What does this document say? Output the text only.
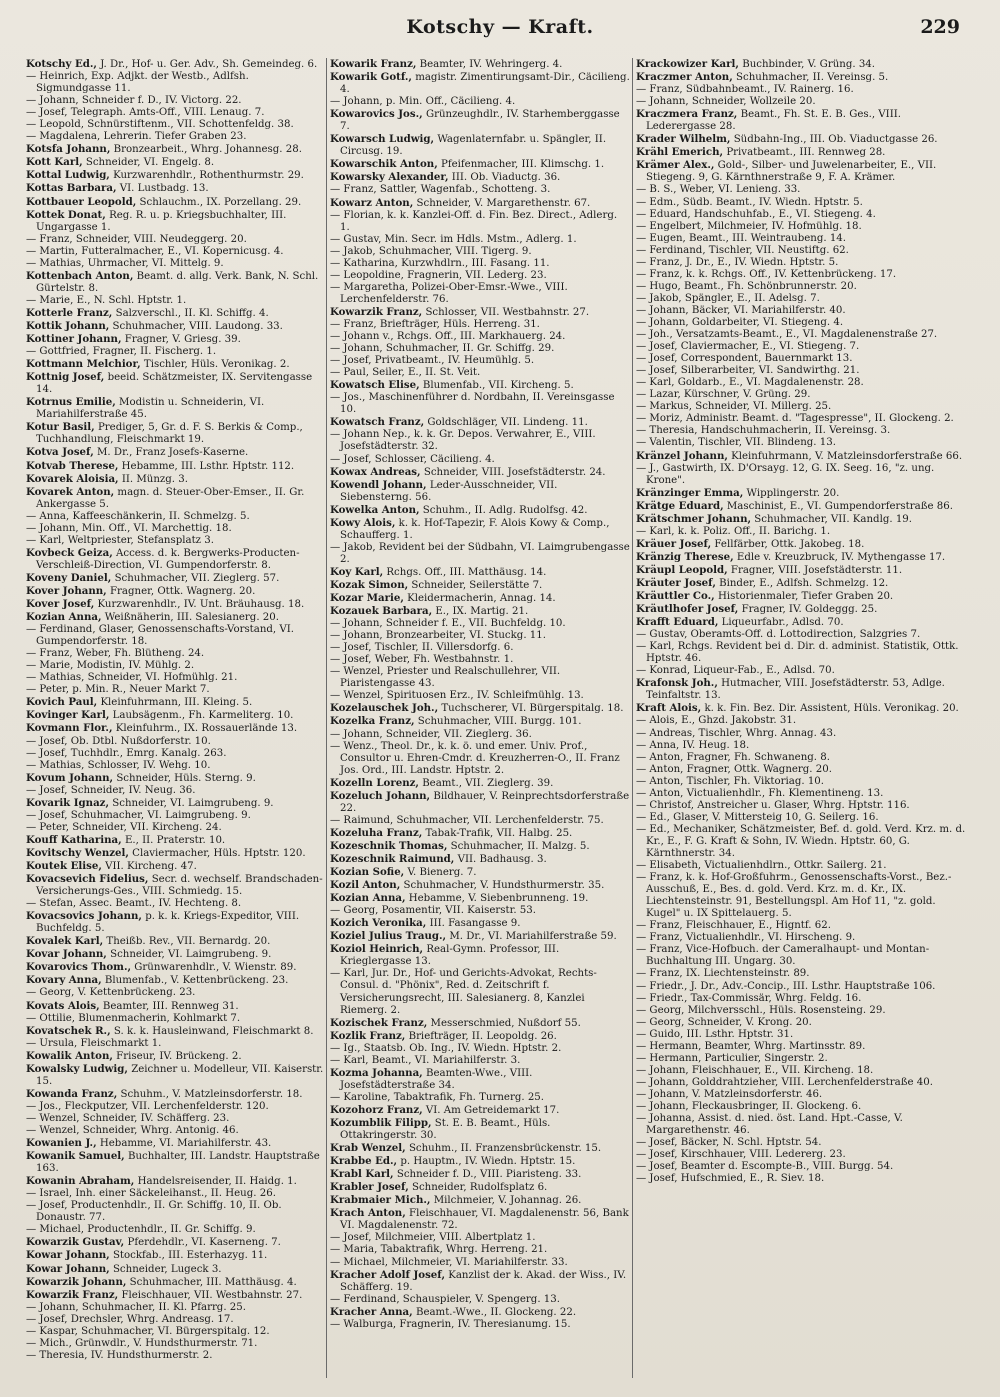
Kotschy — Kraft.	229

Kotschy Ed., J. Dr., Hof- u. Ger. Adv., Sh. Gemeindeg. 6.

— Heinrich, Exp. Adjkt. der Westb., Adlfsh. Sigmundgasse 11.

— Johann, Schneider f. D., IV. Victorg. 22.

— Josef, Telegraph. Amts-Off., VIII. Lenaug. 7.

— Leopold, Schnürstiftenm., VII. Schottenfeldg. 38.

— Magdalena, Lehrerin. Tiefer Graben 23.

Kotsfa Johann, Bronzearbeit., Whrg. Johannesg. 28.

Kott Karl, Schneider, VI. Engelg. 8.

Kottal Ludwig, Kurzwarenhdlr., Rothenthurmstr. 29.

Kottas Barbara, VI. Lustbadg. 13.

Kottbauer Leopold, Schlauchm., IX. Porzellang. 29.

Kottek Donat, Reg. R. u. p. Kriegsbuchhalter, III. Ungargasse 1.

— Franz, Schneider, VIII. Neudeggerg. 20.

— Martin, Futteralmacher, E., VI. Kopernicusg. 4.

— Mathias, Uhrmacher, VI. Mittelg. 9.

Kottenbach Anton, Beamt. d. allg. Verk. Bank, N. Schl. Gürtelstr. 8.

— Marie, E., N. Schl. Hptstr. 1.

Kotterle Franz, Salzverschl., II. Kl. Schiffg. 4.

Kottik Johann, Schuhmacher, VIII. Laudong. 33.

Kottiner Johann, Fragner, V. Griesg. 39.

— Gottfried, Fragner, II. Fischerg. 1.

Kottmann Melchior, Tischler, Hüls. Veronikag. 2.

Kottnig Josef, beeid. Schätzmeister, IX. Servitengasse 14.

Kotrnus Emilie, Modistin u. Schneiderin, VI. Mariahilferstraße 45.

Kotur Basil, Prediger, 5, Gr. d. F. S. Berkis & Comp., Tuchhandlung, Fleischmarkt 19.

Kotva Josef, M. Dr., Franz Josefs-Kaserne.

Kotvab Therese, Hebamme, III. Lsthr. Hptstr. 112.

Kovarek Aloisia, II. Münzg. 3.

Kovarek Anton, magn. d. Steuer-Ober-Emser., II. Gr. Ankergasse 5.

— Anna, Kaffeeschänkerin, II. Schmelzg. 5.

— Johann, Min. Off., VI. Marchettig. 18.

— Karl, Weltpriester, Stefansplatz 3.

Kovbeck Geiza, Access. d. k. Bergwerks-Producten-Verschleiß-Direction, VI. Gumpendorferstr. 8.

Koveny Daniel, Schuhmacher, VII. Zieglerg. 57.

Kover Johann, Fragner, Ottk. Wagnerg. 20.

Kover Josef, Kurzwarenhdlr., IV. Unt. Bräuhausg. 18.

Kozian Anna, Weißnäherin, III. Salesianerg. 20.

— Ferdinand, Glaser, Genossenschafts-Vorstand, VI. Gumpendorferstr. 18.

— Franz, Weber, Fh. Blütheng. 24.

— Marie, Modistin, IV. Mühlg. 2.

— Mathias, Schneider, VI. Hofmühlg. 21.

— Peter, p. Min. R., Neuer Markt 7.

Kovich Paul, Kleinfuhrmann, III. Kleing. 5.

Kovinger Karl, Laubsägenm., Fh. Karmeliterg. 10.

Kovmann Flor., Kleinfuhrm., IX. Rossauerlände 13.

— Josef, Ob. Dtbl. Nußdorferstr. 10.

— Josef, Tuchhdlr., Emrg. Kanalg. 263.

— Mathias, Schlosser, IV. Wehg. 10.

Kovum Johann, Schneider, Hüls. Sterng. 9.

— Josef, Schneider, IV. Neug. 36.

Kovarik Ignaz, Schneider, VI. Laimgrubeng. 9.

— Josef, Schuhmacher, VI. Laimgrubeng. 9.

— Peter, Schneider, VII. Kircheng. 24.

Kouff Katharina, E., II. Praterstr. 10.

Kovitschy Wenzel, Claviermacher, Hüls. Hptstr. 120.

Koutek Elise, VII. Kircheng. 47.

Kovacsevich Fidelius, Secr. d. wechself. Brandschaden-Versicherungs-Ges., VIII. Schmiedg. 15.

— Stefan, Assec. Beamt., IV. Hechteng. 8.

Kovacsovics Johann, p. k. k. Kriegs-Expeditor, VIII. Buchfeldg. 5.

Kovalek Karl, Theißb. Rev., VII. Bernardg. 20.

Kovar Johann, Schneider, VI. Laimgrubeng. 9.

Kovarovics Thom., Grünwarenhdlr., V. Wienstr. 89.

Kovary Anna, Blumenfab., V. Kettenbrückeng. 23.

— Georg, V. Kettenbrückeng. 23.

Kovats Alois, Beamter, III. Rennweg 31.

— Ottilie, Blumenmacherin, Kohlmarkt 7.

Kovatschek R., S. k. k. Hausleinwand, Fleischmarkt 8.

— Ursula, Fleischmarkt 1.

Kowalik Anton, Friseur, IV. Brückeng. 2.

Kowalsky Ludwig, Zeichner u. Modelleur, VII. Kaiserstr. 15.

Kowanda Franz, Schuhm., V. Matzleinsdorferstr. 18.

— Jos., Fleckputzer, VII. Lerchenfelderstr. 120.

— Wenzel, Schneider, IV. Schäfferg. 23.

— Wenzel, Schneider, Whrg. Antonig. 46.

Kowanien J., Hebamme, VI. Mariahilferstr. 43.

Kowanik Samuel, Buchhalter, III. Landstr. Hauptstraße 163.

Kowanin Abraham, Handelsreisender, II. Haidg. 1.

— Israel, Inh. einer Säckeleihanst., II. Heug. 26.

— Josef, Productenhdlr., II. Gr. Schiffg. 10, II. Ob. Donaustr. 77.

— Michael, Productenhdlr., II. Gr. Schiffg. 9.

Kowarzik Gustav, Pferdehdlr., VI. Kaserneng. 7.

Kowar Johann, Stockfab., III. Esterhazyg. 11.

Kowar Johann, Schneider, Lugeck 3.

Kowarzik Johann, Schuhmacher, III. Matthäusg. 4.

Kowarzik Franz, Fleischhauer, VII. Westbahnstr. 27.

— Johann, Schuhmacher, II. Kl. Pfarrg. 25.

— Josef, Drechsler, Whrg. Andreasg. 17.

— Kaspar, Schuhmacher, VI. Bürgerspitalg. 12.

— Mich., Grünwdlr., V. Hundsthurmerstr. 71.

— Theresia, IV. Hundsthurmerstr. 2.

Kowarik Franz, Beamter, IV. Wehringerg. 4.

Kowarik Gotf., magistr. Zimentirungsamt-Dir., Cäcilieng. 4.

— Johann, p. Min. Off., Cäcilieng. 4.

Kowarovics Jos., Grünzeughdlr., IV. Starhemberggasse 7.

Kowarsch Ludwig, Wagenlaternfabr. u. Spängler, II. Circusg. 19.

Kowarschik Anton, Pfeifenmacher, III. Klimschg. 1.

Kowarsky Alexander, III. Ob. Viaductg. 36.

— Franz, Sattler, Wagenfab., Schotteng. 3.

Kowarz Anton, Schneider, V. Margarethenstr. 67.

— Florian, k. k. Kanzlei-Off. d. Fin. Bez. Direct., Adlerg. 1.

— Gustav, Min. Secr. im Hdls. Mstm., Adlerg. 1.

— Jakob, Schuhmacher, VIII. Tigerg. 9.

— Katharina, Kurzwhdlrn., III. Fasang. 11.

— Leopoldine, Fragnerin, VII. Lederg. 23.

— Margaretha, Polizei-Ober-Emsr.-Wwe., VIII. Lerchenfelderstr. 76.

Kowarzik Franz, Schlosser, VII. Westbahnstr. 27.

— Franz, Briefträger, Hüls. Herreng. 31.

— Johann v., Rchgs. Off., III. Markhauerg. 24.

— Johann, Schuhmacher, II. Gr. Schiffg. 29.

— Josef, Privatbeamt., IV. Heumühlg. 5.

— Paul, Seiler, E., II. St. Veit.

Kowatsch Elise, Blumenfab., VII. Kircheng. 5.

— Jos., Maschinenführer d. Nordbahn, II. Vereinsgasse 10.

Kowatsch Franz, Goldschläger, VII. Lindeng. 11.

— Johann Nep., k. k. Gr. Depos. Verwahrer, E., VIII. Josefstädterstr. 32.

— Josef, Schlosser, Cäcilieng. 4.

Kowax Andreas, Schneider, VIII. Josefstädterstr. 24.

Kowendl Johann, Leder-Ausschneider, VII. Siebensterng. 56.

Kowelka Anton, Schuhm., II. Adlg. Rudolfsg. 42.

Kowy Alois, k. k. Hof-Tapezir, F. Alois Kowy & Comp., Schaufferg. 1.

— Jakob, Revident bei der Südbahn, VI. Laimgrubengasse 2.

Koy Karl, Rchgs. Off., III. Matthäusg. 14.

Kozak Simon, Schneider, Seilerstätte 7.

Kozar Marie, Kleidermacherin, Annag. 14.

Kozauek Barbara, E., IX. Martig. 21.

— Johann, Schneider f. E., VII. Buchfeldg. 10.

— Johann, Bronzearbeiter, VI. Stuckg. 11.

— Josef, Tischler, II. Villersdorfg. 6.

— Josef, Weber, Fh. Westbahnstr. 1.

— Wenzel, Priester und Realschullehrer, VII. Piaristengasse 43.

— Wenzel, Spirituosen Erz., IV. Schleifmühlg. 13.

Kozelauschek Joh., Tuchscherer, VI. Bürgerspitalg. 18.

Kozelka Franz, Schuhmacher, VIII. Burgg. 101.

— Johann, Schneider, VII. Zieglerg. 36.

— Wenz., Theol. Dr., k. k. ö. und emer. Univ. Prof., Consultor u. Ehren-Cmdr. d. Kreuzherren-O., II. Franz Jos. Ord., III. Landstr. Hptstr. 2.

Kozelln Lorenz, Beamt., VII. Zieglerg. 39.

Kozeluch Johann, Bildhauer, V. Reinprechtsdorferstraße 22.

— Raimund, Schuhmacher, VII. Lerchenfelderstr. 75.

Kozeluha Franz, Tabak-Trafik, VII. Halbg. 25.

Kozeschnik Thomas, Schuhmacher, II. Malzg. 5.

Kozeschnik Raimund, VII. Badhausg. 3.

Kozian Sofie, V. Bienerg. 7.

Kozil Anton, Schuhmacher, V. Hundsthurmerstr. 35.

Kozian Anna, Hebamme, V. Siebenbrunneng. 19.

— Georg, Posamentir, VII. Kaiserstr. 53.

Kozich Veronika, III. Fasangasse 9.

Koziel Julius Traug., M. Dr., VI. Mariahilferstraße 59.

Koziol Heinrich, Real-Gymn. Professor, III. Krieglergasse 13.

— Karl, Jur. Dr., Hof- und Gerichts-Advokat, Rechts-Consul. d. "Phönix", Red. d. Zeitschrift f. Versicherungsrecht, III. Salesianerg. 8, Kanzlei Riemerg. 2.

Kozischek Franz, Messerschmied, Nußdorf 55.

Kozlik Franz, Briefträger, II. Leopoldg. 26.

— Ig., Staatsb. Ob. Ing., IV. Wiedn. Hptstr. 2.

— Karl, Beamt., VI. Mariahilferstr. 3.

Kozma Johanna, Beamten-Wwe., VIII. Josefstädterstraße 34.

— Karoline, Tabaktrafik, Fh. Turnerg. 25.

Kozohorz Franz, VI. Am Getreidemarkt 17.

Kozumblik Filipp, St. E. B. Beamt., Hüls. Ottakringerstr. 30.

Krab Wenzel, Schuhm., II. Franzensbrückenstr. 15.

Krabbe Ed., p. Hauptm., IV. Wiedn. Hptstr. 15.

Krabl Karl, Schneider f. D., VIII. Piaristeng. 33.

Krabler Josef, Schneider, Rudolfsplatz 6.

Krabmaier Mich., Milchmeier, V. Johannag. 26.

Krach Anton, Fleischhauer, VI. Magdalenenstr. 56, Bank VI. Magdalenenstr. 72.

— Josef, Milchmeier, VIII. Albertplatz 1.

— Maria, Tabaktrafik, Whrg. Herreng. 21.

— Michael, Milchmeier, VI. Mariahilferstr. 33.

Kracher Adolf Josef, Kanzlist der k. Akad. der Wiss., IV. Schäfferg. 19.

— Ferdinand, Schauspieler, V. Spengerg. 13.

Kracher Anna, Beamt.-Wwe., II. Glockeng. 22.

— Walburga, Fragnerin, IV. Theresianumg. 15.

Krackowizer Karl, Buchbinder, V. Grüng. 34.

Kraczmer Anton, Schuhmacher, II. Vereinsg. 5.

— Franz, Südbahnbeamt., IV. Rainerg. 16.

— Johann, Schneider, Wollzeile 20.

Kraczmera Franz, Beamt., Fh. St. E. B. Ges., VIII. Lederergasse 28.

Krader Wilhelm, Südbahn-Ing., III. Ob. Viaductgasse 26.

Krähl Emerich, Privatbeamt., III. Rennweg 28.

Krämer Alex., Gold-, Silber- und Juwelenarbeiter, E., VII. Stiegeng. 9, G. Kärnthnerstraße 9, F. A. Krämer.

— B. S., Weber, VI. Lenieng. 33.

— Edm., Südb. Beamt., IV. Wiedn. Hptstr. 5.

— Eduard, Handschuhfab., E., VI. Stiegeng. 4.

— Engelbert, Milchmeier, IV. Hofmühlg. 18.

— Eugen, Beamt., III. Weintraubeng. 14.

— Ferdinand, Tischler, VII. Neustiftg. 62.

— Franz, J. Dr., E., IV. Wiedn. Hptstr. 5.

— Franz, k. k. Rchgs. Off., IV. Kettenbrückeng. 17.

— Hugo, Beamt., Fh. Schönbrunnerstr. 20.

— Jakob, Spängler, E., II. Adelsg. 7.

— Johann, Bäcker, VI. Mariahilferstr. 40.

— Johann, Goldarbeiter, VI. Stiegeng. 4.

— Joh., Versatzamts-Beamt., E., VI. Magdalenenstraße 27.

— Josef, Claviermacher, E., VI. Stiegeng. 7.

— Josef, Correspondent, Bauernmarkt 13.

— Josef, Silberarbeiter, VI. Sandwirthg. 21.

— Karl, Goldarb., E., VI. Magdalenenstr. 28.

— Lazar, Kürschner, V. Grüng. 29.

— Markus, Schneider, VI. Millerg. 25.

— Moriz, Administr. Beamt. d. "Tagespresse", II. Glockeng. 2.

— Theresia, Handschuhmacherin, II. Vereinsg. 3.

— Valentin, Tischler, VII. Blindeng. 13.

Kränzel Johann, Kleinfuhrmann, V. Matzleinsdorferstraße 66.

— J., Gastwirth, IX. D'Orsayg. 12, G. IX. Seeg. 16, "z. ung. Krone".

Kränzinger Emma, Wipplingerstr. 20.

Krätge Eduard, Maschinist, E., VI. Gumpendorferstraße 86.

Krätschmer Johann, Schuhmacher, VII. Kandlg. 19.

— Karl, k. k. Poliz. Off., II. Barichg. 1.

Kräuer Josef, Fellfärber, Ottk. Jakobeg. 18.

Kränzig Therese, Edle v. Kreuzbruck, IV. Mythengasse 17.

Kräupl Leopold, Fragner, VIII. Josefstädterstr. 11.

Kräuter Josef, Binder, E., Adlfsh. Schmelzg. 12.

Kräuttler Co., Historienmaler, Tiefer Graben 20.

Kräutlhofer Josef, Fragner, IV. Goldeggg. 25.

Krafft Eduard, Liqueurfabr., Adlsd. 70.

— Gustav, Oberamts-Off. d. Lottodirection, Salzgries 7.

— Karl, Rchgs. Revident bei d. Dir. d. administ. Statistik, Ottk. Hptstr. 46.

— Konrad, Liqueur-Fab., E., Adlsd. 70.

Krafonsk Joh., Hutmacher, VIII. Josefstädterstr. 53, Adlge. Teinfaltstr. 13.

Kraft Alois, k. k. Fin. Bez. Dir. Assistent, Hüls. Veronikag. 20.

— Alois, E., Ghzd. Jakobstr. 31.

— Andreas, Tischler, Whrg. Annag. 43.

— Anna, IV. Heug. 18.

— Anton, Fragner, Fh. Schwaneng. 8.

— Anton, Fragner, Ottk. Wagnerg. 20.

— Anton, Tischler, Fh. Viktoriag. 10.

— Anton, Victualienhdlr., Fh. Klementineng. 13.

— Christof, Anstreicher u. Glaser, Whrg. Hptstr. 116.

— Ed., Glaser, V. Mittersteig 10, G. Seilerg. 16.

— Ed., Mechaniker, Schätzmeister, Bef. d. gold. Verd. Krz. m. d. Kr., E., F. G. Kraft & Sohn, IV. Wiedn. Hptstr. 60, G. Kärnthnerstr. 34.

— Elisabeth, Victualienhdlrn., Ottkr. Sailerg. 21.

— Franz, k. k. Hof-Großfuhrm., Genossenschafts-Vorst., Bez.-Ausschuß, E., Bes. d. gold. Verd. Krz. m. d. Kr., IX. Liechtensteinstr. 91, Bestellungspl. Am Hof 11, "z. gold. Kugel" u. IX Spittelauerg. 5.

— Franz, Fleischhauer, E., Higntf. 62.

— Franz, Victualienhdlr., VI. Hirscheng. 9.

— Franz, Vice-Hofbuch. der Cameralhaupt- und Montan-Buchhaltung III. Ungarg. 30.

— Franz, IX. Liechtensteinstr. 89.

— Friedr., J. Dr., Adv.-Concip., III. Lsthr. Hauptstraße 106.

— Friedr., Tax-Commissär, Whrg. Feldg. 16.

— Georg, Milchversschl., Hüls. Rosensteing. 29.

— Georg, Schneider, V. Krong. 20.

— Guido, III. Lsthr. Hptstr. 31.

— Hermann, Beamter, Whrg. Martinsstr. 89.

— Hermann, Particulier, Singerstr. 2.

— Johann, Fleischhauer, E., VII. Kircheng. 18.

— Johann, Golddrahtzieher, VIII. Lerchenfelderstraße 40.

— Johann, V. Matzleinsdorferstr. 46.

— Johann, Fleckausbringer, II. Glockeng. 6.

— Johanna, Assist. d. nied. öst. Land. Hpt.-Casse, V. Margarethenstr. 46.

— Josef, Bäcker, N. Schl. Hptstr. 54.

— Josef, Kirschhauer, VIII. Ledererg. 23.

— Josef, Beamter d. Escompte-B., VIII. Burgg. 54.

— Josef, Hufschmied, E., R. Siev. 18.
